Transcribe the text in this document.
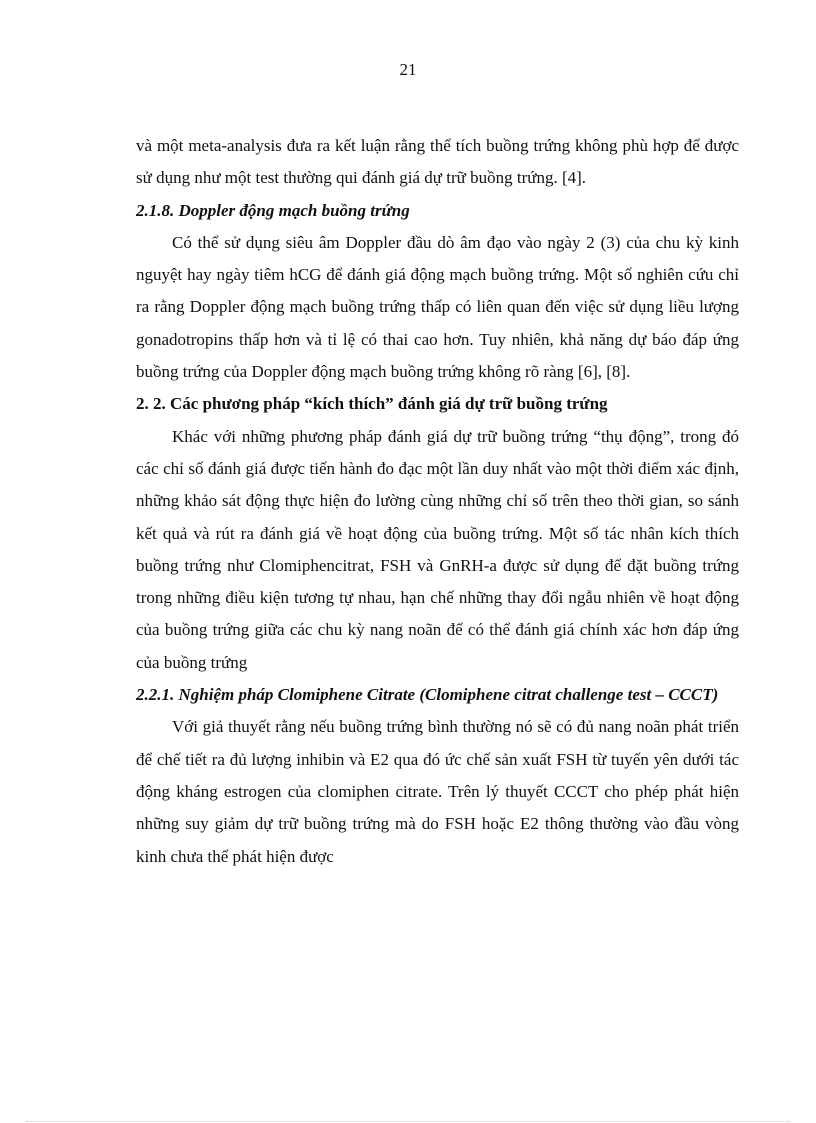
21

và một meta-analysis đưa ra kết luận rằng thể tích buồng trứng không phù hợp để được sử dụng như một test thường qui đánh giá dự trữ buồng trứng. [4].

2.1.8. Doppler động mạch buồng trứng

Có thể sử dụng siêu âm Doppler đầu dò âm đạo vào ngày 2 (3) của chu kỳ kinh nguyệt hay ngày tiêm hCG để đánh giá động mạch buồng trứng. Một số nghiên cứu chỉ ra rằng Doppler động mạch buồng trứng thấp có liên quan đến việc sử dụng liều lượng gonadotropins thấp hơn và tỉ lệ có thai cao hơn. Tuy nhiên, khả năng dự báo đáp ứng buồng trứng của Doppler động mạch buồng trứng không rõ ràng [6], [8].

2. 2. Các phương pháp “kích thích” đánh giá dự trữ buồng trứng

Khác với những phương pháp đánh giá dự trữ buồng trứng “thụ động”, trong đó các chỉ số đánh giá được tiến hành đo đạc một lần duy nhất vào một thời điểm xác định, những khảo sát động thực hiện đo lường cùng những chỉ số trên theo thời gian, so sánh kết quả và rút ra đánh giá về hoạt động của buồng trứng. Một số tác nhân kích thích buồng trứng như Clomiphencitrat, FSH và GnRH-a được sử dụng để đặt buồng trứng trong những điều kiện tương tự nhau, hạn chế những thay đổi ngẫu nhiên về hoạt động của buồng trứng giữa các chu kỳ nang noãn để có thể đánh giá chính xác hơn đáp ứng của buồng trứng

2.2.1. Nghiệm pháp Clomiphene Citrate (Clomiphene citrat challenge test – CCCT)

Với giả thuyết rằng nếu buồng trứng bình thường nó sẽ có đủ nang noãn phát triển để chế tiết ra đủ lượng inhibin và E2 qua đó ức chế sản xuất FSH từ tuyến yên dưới tác động kháng estrogen của clomiphen citrate. Trên lý thuyết CCCT cho phép phát hiện những suy giảm dự trữ buồng trứng mà do FSH hoặc E2 thông thường vào đầu vòng kinh chưa thể phát hiện được
